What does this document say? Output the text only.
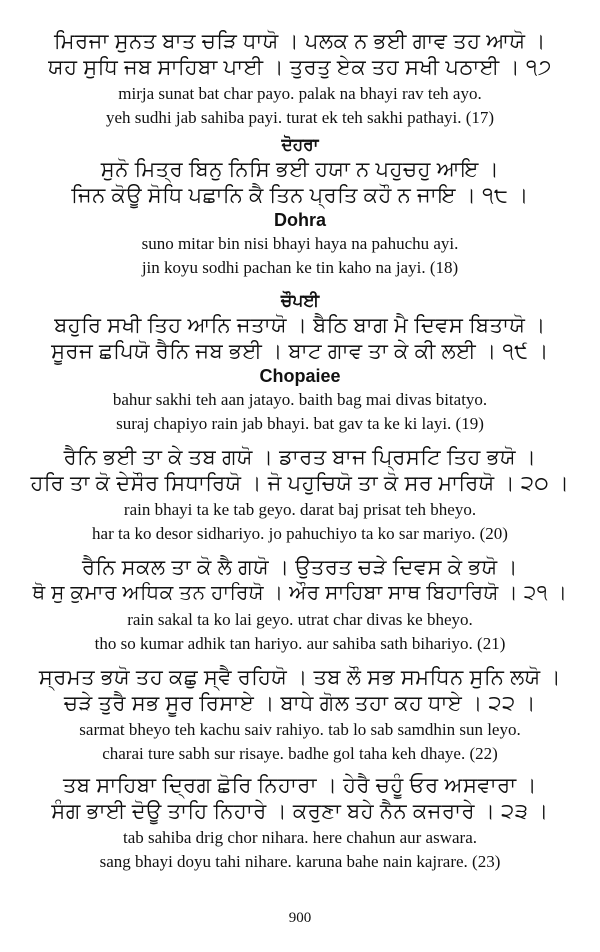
ਮਿਰਜਾ ਸੁਨਤ ਬਾਤ ਚੜਿ ਧਾਯੋ । ਪਲਕ ਨ ਭਈ ਗਾਵ ਤਹ ਆਯੋ ।
ਯਹ ਸੁਧਿ ਜਬ ਸਾਹਿਬਾ ਪਾਈ । ਤੁਰਤੁ ਏਕ ਤਹ ਸਖੀ ਪਠਾਈ । ੧੭
mirja sunat bat char payo. palak na bhayi rav teh ayo.
yeh sudhi jab sahiba payi. turat ek teh sakhi pathayi. (17)
ਦੋਹਰਾ
ਸੁਨੋ ਮਿਤ੍ਰ ਬਿਨੁ ਨਿਸਿ ਭਈ ਹਯਾ ਨ ਪਹੁਚਹੁ ਆਇ ।
ਜਿਨ ਕੋਊ ਸੋਧਿ ਪਛਾਨਿ ਕੈ ਤਿਨ ਪ੍ਰਤਿ ਕਹੌ ਨ ਜਾਇ । ੧੮ ।
Dohra
suno mitar bin nisi bhayi haya na pahuchu ayi.
jin koyu sodhi pachan ke tin kaho na jayi. (18)
ਚੌਪਈ
ਬਹੁਰਿ ਸਖੀ ਤਿਹ ਆਨਿ ਜਤਾਯੋ । ਬੈਠਿ ਬਾਗ ਮੈ ਦਿਵਸ ਬਿਤਾਯੋ ।
ਸੂਰਜ ਛਪਿਯੋ ਰੈਨਿ ਜਬ ਭਈ । ਬਾਟ ਗਾਵ ਤਾ ਕੇ ਕੀ ਲਈ । ੧੯ ।
Chopaiee
bahur sakhi teh aan jatayo. baith bag mai divas bitatyo.
suraj chapiyo rain jab bhayi. bat gav ta ke ki layi. (19)
ਰੈਨਿ ਭਈ ਤਾ ਕੇ ਤਬ ਗਯੋ । ਡਾਰਤ ਬਾਜ ਪ੍ਰਿਸਟਿ ਤਿਹ ਭਯੋ ।
ਹਰਿ ਤਾ ਕੋ ਦੇਸੌਰ ਸਿਧਾਰਿਯੋ । ਜੋ ਪਹੁਚਿਯੋ ਤਾ ਕੋ ਸਰ ਮਾਰਿਯੋ । ੨੦ ।
rain bhayi ta ke tab geyo. darat baj prisat teh bheyo.
har ta ko desor sidhariyo. jo pahuchiyo ta ko sar mariyo. (20)
ਰੈਨਿ ਸਕਲ ਤਾ ਕੋ ਲੈ ਗਯੋ । ਉਤਰਤ ਚੜੇ ਦਿਵਸ ਕੇ ਭਯੋ ।
ਥੋ ਸੁ ਕੁਮਾਰ ਅਧਿਕ ਤਨ ਹਾਰਿਯੋ । ਔਰ ਸਾਹਿਬਾ ਸਾਥ ਬਿਹਾਰਿਯੋ । ੨੧ ।
rain sakal ta ko lai geyo. utrat char divas ke bheyo.
tho so kumar adhik tan hariyo. aur sahiba sath bihariyo. (21)
ਸ੍ਰਮਤ ਭਯੋ ਤਹ ਕਛੁ ਸ੍ਵੈ ਰਹਿਯੋ । ਤਬ ਲੌ ਸਭ ਸਮਧਿਨ ਸੁਨਿ ਲਯੋ ।
ਚੜੇ ਤੁਰੈ ਸਭ ਸੂਰ ਰਿਸਾਏ । ਬਾਧੇ ਗੋਲ ਤਹਾ ਕਹ ਧਾਏ । ੨੨ ।
sarmat bheyo teh kachu saiv rahiyo. tab lo sab samdhin sun leyo.
charai ture sabh sur risaye. badhe gol taha keh dhaye. (22)
ਤਬ ਸਾਹਿਬਾ ਦ੍ਰਿਗ ਛੋਰਿ ਨਿਹਾਰਾ । ਹੇਰੈ ਚਹੂੰ ਓਰ ਅਸਵਾਰਾ ।
ਸੰਗ ਭਾਈ ਦੋਊ ਤਾਹਿ ਨਿਹਾਰੇ । ਕਰੁਣਾ ਬਹੇ ਨੈਨ ਕਜਰਾਰੇ । ੨੩ ।
tab sahiba drig chor nihara. here chahun aur aswara.
sang bhayi doyu tahi nihare. karuna bahe nain kajrare. (23)
900
